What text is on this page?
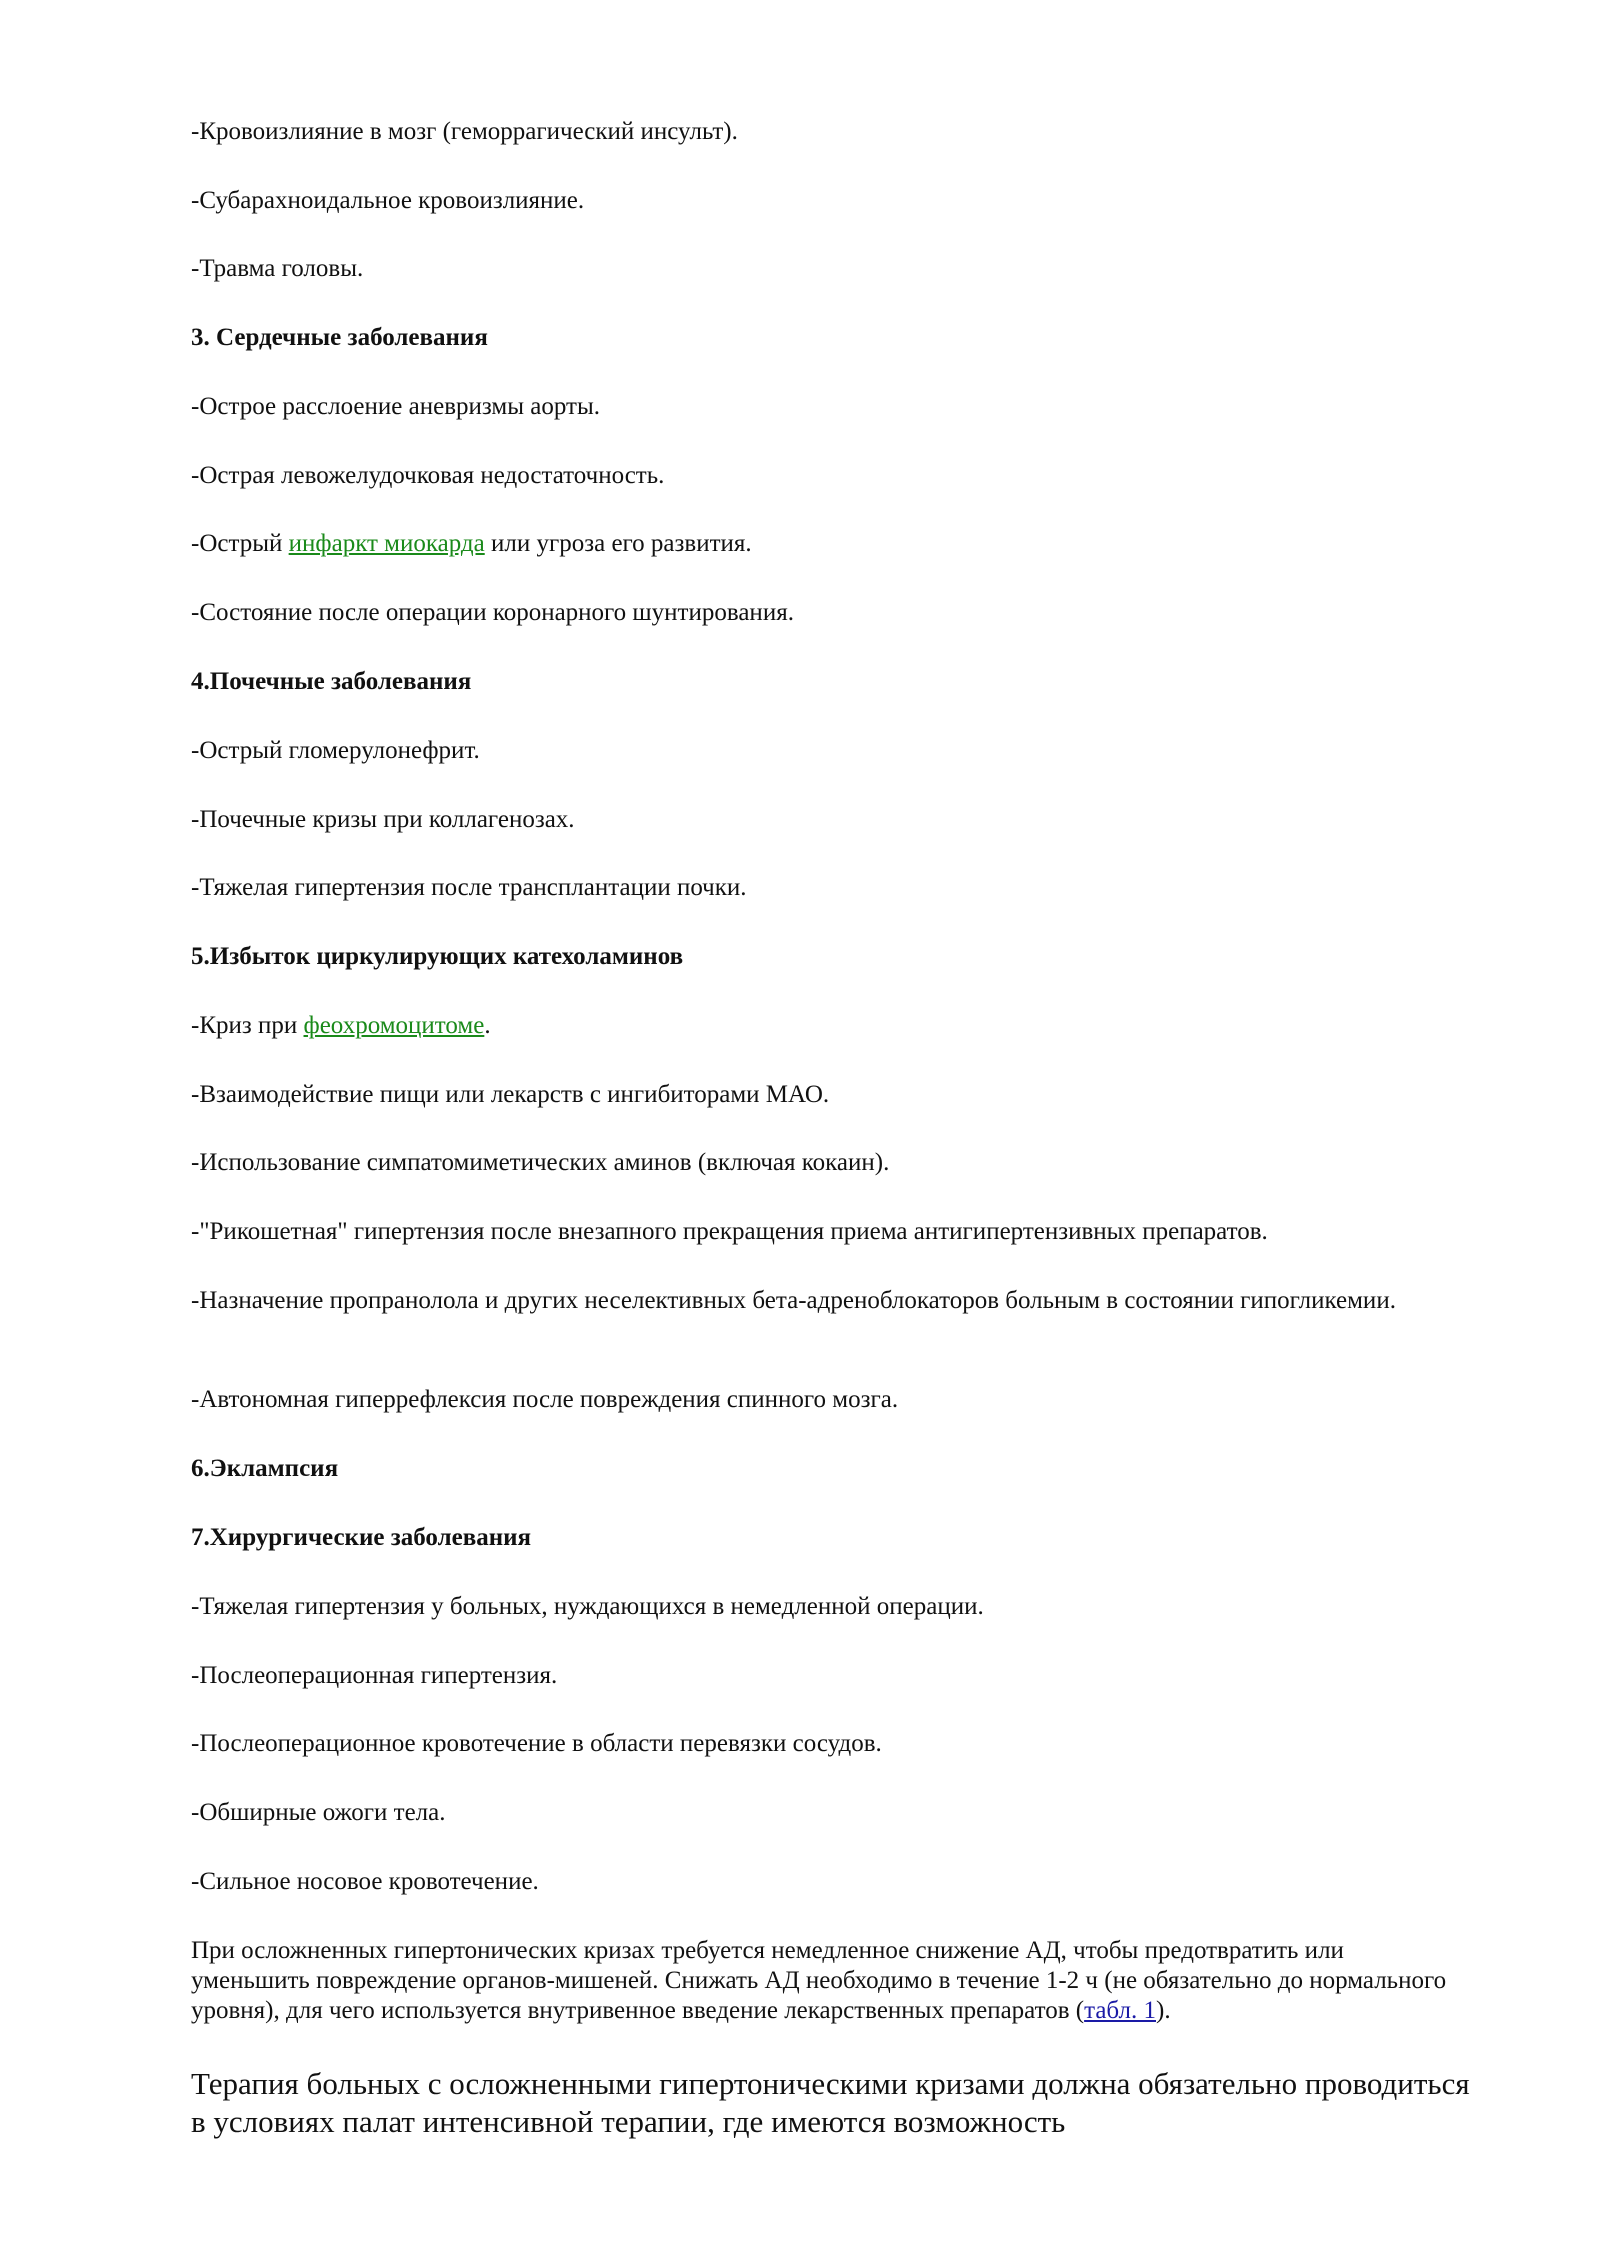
-Кровоизлияние в мозг (геморрагический инсульт).

-Субарахноидальное кровоизлияние.

-Травма головы.

3. Сердечные заболевания

-Острое расслоение аневризмы аорты.

-Острая левожелудочковая недостаточность.

-Острый инфаркт миокарда или угроза его развития.

-Состояние после операции коронарного шунтирования.

4.Почечные заболевания

-Острый гломерулонефрит.

-Почечные кризы при коллагенозах.

-Тяжелая гипертензия после трансплантации почки.

5.Избыток циркулирующих катехоламинов

-Криз при феохромоцитоме.

-Взаимодействие пищи или лекарств с ингибиторами МАО.

-Использование симпатомиметических аминов (включая кокаин).

-"Рикошетная" гипертензия после внезапного прекращения приема антигипертензивных препаратов.

-Назначение пропранолола и других неселективных бета-адреноблокаторов больным в состоянии гипогликемии.

-Автономная гиперрефлексия после повреждения спинного мозга.

6.Эклампсия

7.Хирургические заболевания

-Тяжелая гипертензия у больных, нуждающихся в немедленной операции.

-Послеоперационная гипертензия.

-Послеоперационное кровотечение в области перевязки сосудов.

-Обширные ожоги тела.

-Сильное носовое кровотечение.

При осложненных гипертонических кризах требуется немедленное снижение АД, чтобы предотвратить или уменьшить повреждение органов-мишеней. Снижать АД необходимо в течение 1-2 ч (не обязательно до нормального уровня), для чего используется внутривенное введение лекарственных препаратов (табл. 1).

Терапия больных с осложненными гипертоническими кризами должна обязательно проводиться в условиях палат интенсивной терапии, где имеются возможность
